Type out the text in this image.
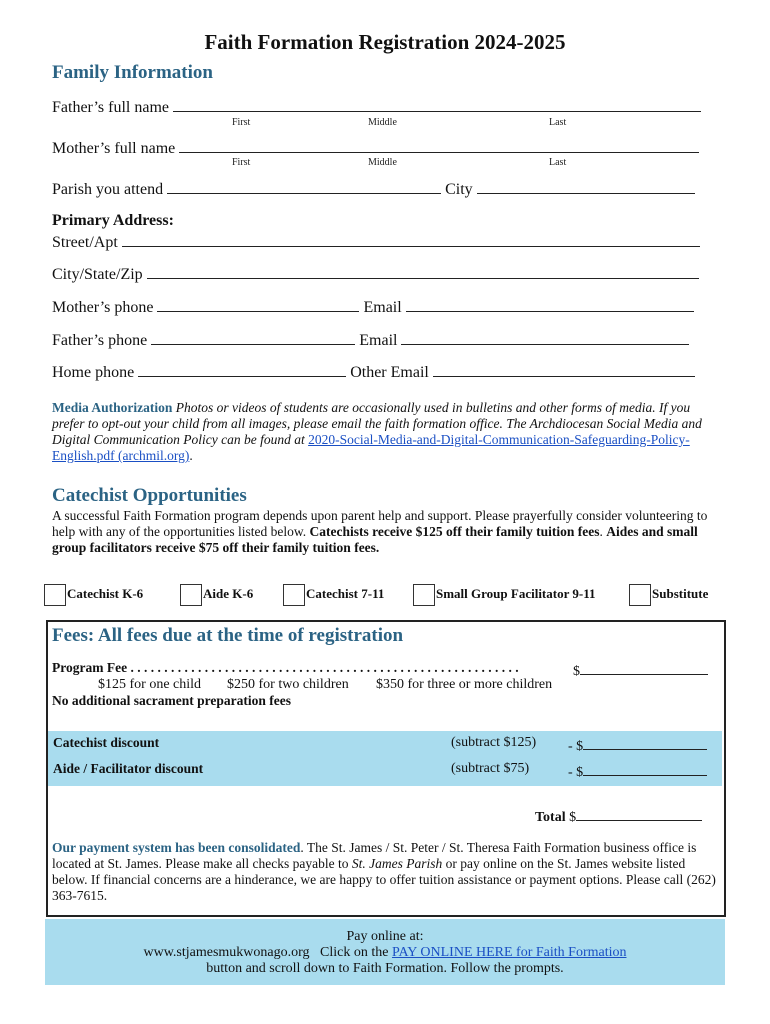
Faith Formation Registration 2024-2025
Family Information
Father’s full name
First	Middle	Last
Mother’s full name
First	Middle	Last
Parish you attend	City
Primary Address:
Street/Apt
City/State/Zip
Mother’s phone	Email
Father’s phone	Email
Home phone	Other Email
Media Authorization Photos or videos of students are occasionally used in bulletins and other forms of media. If you prefer to opt-out your child from all images, please email the faith formation office. The Archdiocesan Social Media and Digital Communication Policy can be found at 2020-Social-Media-and-Digital-Communication-Safeguarding-Policy-English.pdf (archmil.org).
Catechist Opportunities
A successful Faith Formation program depends upon parent help and support. Please prayerfully consider volunteering to help with any of the opportunities listed below. Catechists receive $125 off their family tuition fees. Aides and small group facilitators receive $75 off their family tuition fees.
Catechist K-6	Aide K-6	Catechist 7-11	Small Group Facilitator 9-11	Substitute
Fees: All fees due at the time of registration
Program Fee . . . . . . . . . . . . . . . . . . . . . . . . . . . . . . . . . . . . . . . . . . . . . . . . . . . . . . . . . .	$
$125 for one child $250 for two children $350 for three or more children
No additional sacrament preparation fees
Catechist discount	(subtract $125) - $
Aide / Facilitator discount	(subtract $75)	- $
Total $
Our payment system has been consolidated. The St. James / St. Peter / St. Theresa Faith Formation business office is located at St. James. Please make all checks payable to St. James Parish or pay online on the St. James website listed below. If financial concerns are a hinderance, we are happy to offer tuition assistance or payment options. Please call (262) 363-7615.
Pay online at:
www.stjamesmukwonago.org Click on the PAY ONLINE HERE for Faith Formation
button and scroll down to Faith Formation. Follow the prompts.
